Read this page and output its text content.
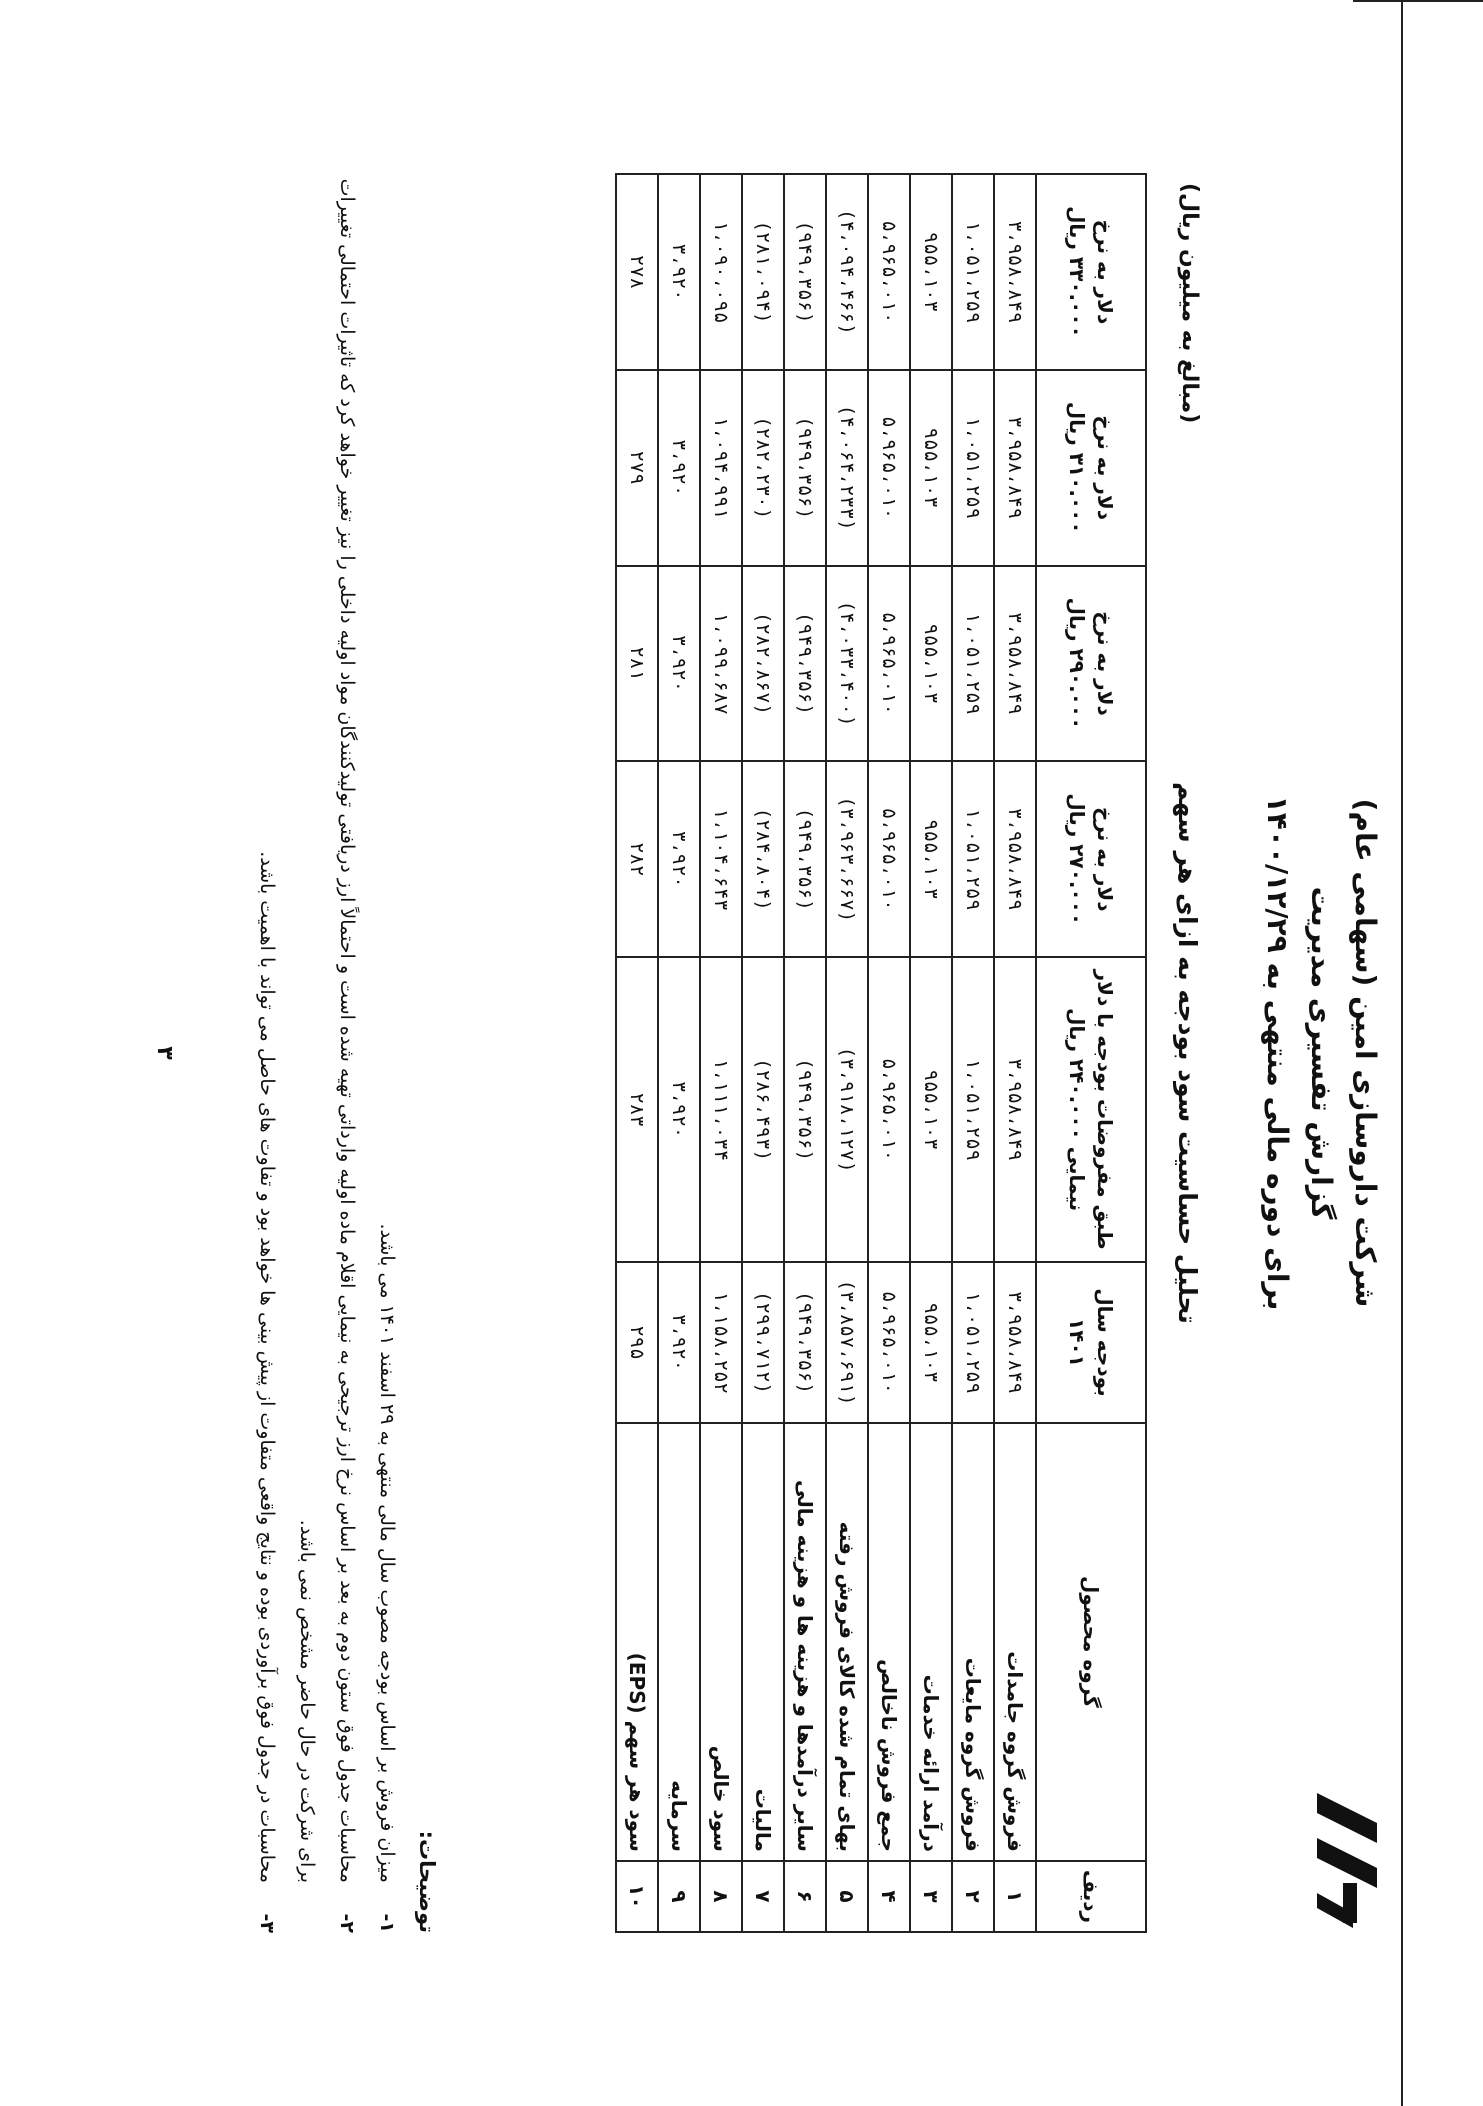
شرکت داروسازی امین (سهامی عام)
گزارش تفسیری مدیریت
برای دوره مالی منتهی به ۱۴۰۰/۱۲/۲۹
تحلیل حساسیت سود بودجه به ازای هر سهم
(مبالغ به میلیون ریال)
ردیف	گروه محصول	بودجه سال ۱۴۰۱	طبق مفروضات بودجه با دلار نیمایی ۲۴۰.۰۰۰ ریال	دلار به نرخ ۲۷۰.۰۰۰ ریال	دلار به نرخ ۲۹۰.۰۰۰ ریال	دلار به نرخ ۳۱۰.۰۰۰ ریال	دلار به نرخ ۳۳۰.۰۰۰ ریال
۱	فروش گروه جامدات	۳،۹۵۸،۸۴۹	۳،۹۵۸،۸۴۹	۳،۹۵۸،۸۴۹	۳،۹۵۸،۸۴۹	۳،۹۵۸،۸۴۹	۳،۹۵۸،۸۴۹
۲	فروش گروه مایعات	۱،۰۵۱،۲۵۹	۱،۰۵۱،۲۵۹	۱،۰۵۱،۲۵۹	۱،۰۵۱،۲۵۹	۱،۰۵۱،۲۵۹	۱،۰۵۱،۲۵۹
۳	درآمد ارائه خدمات	۹۵۵،۱۰۳	۹۵۵،۱۰۳	۹۵۵،۱۰۳	۹۵۵،۱۰۳	۹۵۵،۱۰۳	۹۵۵،۱۰۳
۴	جمع فروش ناخالص	۵،۹۶۵،۰۱۰	۵،۹۶۵،۰۱۰	۵،۹۶۵،۰۱۰	۵،۹۶۵،۰۱۰	۵،۹۶۵،۰۱۰	۵،۹۶۵،۰۱۰
۵	بهای تمام شده کالای فروش رفته	(۳،۸۵۷،۶۹۱)	(۳،۹۱۸،۱۲۷)	(۳،۹۶۳،۶۶۷)	(۴،۰۳۳،۴۰۰)	(۴،۰۶۴،۲۳۳)	(۴،۰۹۴،۴۶۶)
۶	سایر درآمدها و هزینه ها و هزینه مالی	(۹۴۹،۳۵۶)	(۹۴۹،۳۵۶)	(۹۴۹،۳۵۶)	(۹۴۹،۳۵۶)	(۹۴۹،۳۵۶)	(۹۴۹،۳۵۶)
۷	مالیات	(۲۹۹،۷۱۲)	(۲۸۶،۴۹۳)	(۲۸۴،۸۰۴)	(۲۸۲،۸۶۷)	(۲۸۲،۲۳۰)	(۲۸۱،۰۹۴)
۸	سود خالص	۱،۱۵۸،۲۵۲	۱،۱۱۱،۰۳۴	۱،۱۰۴،۶۴۳	۱،۰۹۹،۶۸۷	۱،۰۹۴،۹۹۱	۱،۰۹۰،۰۹۵
۹	سرمایه	۳،۹۲۰	۳،۹۲۰	۳،۹۲۰	۳،۹۲۰	۳،۹۲۰	۳،۹۲۰
۱۰	سود هر سهم (EPS)	۲۹۵	۲۸۳	۲۸۲	۲۸۱	۲۷۹	۲۷۸
توضیحات:
۱-
میزان فروش بر اساس بودجه مصوب سال مالی منتهی به ۲۹ اسفند ۱۴۰۱ می باشد.
۲-
محاسبات جدول فوق ستون دوم به بعد بر اساس نرخ ارز ترجیحی به نیمایی اقلام ماده اولیه وارداتی تهیه شده است و احتمالاً ارز دریافتی تولیدکنندگان مواد اولیه داخلی را نیز تغییر خواهد کرد که تاثیرات احتمالی تغییرات برای شرکت در حال حاضر مشخص نمی باشد.
۳-
محاسبات در جدول فوق برآوردی بوده و نتایج واقعی متفاوت از پیش بینی ها خواهد بود و تفاوت های حاصل می تواند با اهمیت باشد.
۳
